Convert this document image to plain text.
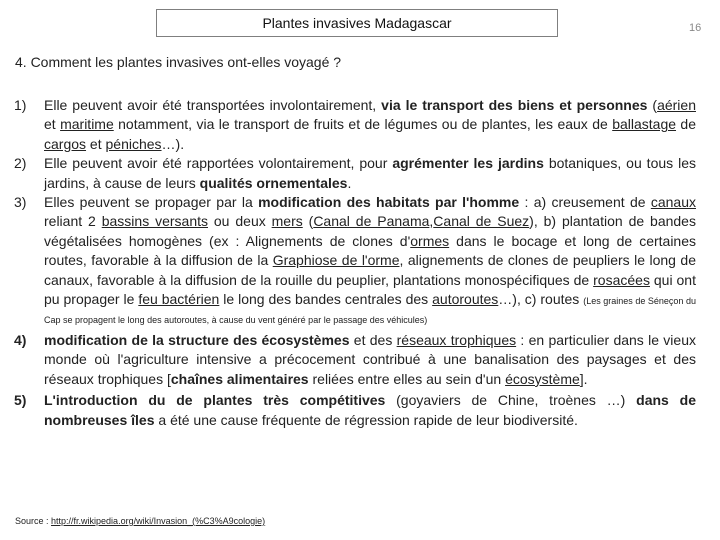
Plantes invasives Madagascar	16
4. Comment les plantes invasives ont-elles voyagé ?
1)	Elle peuvent avoir été transportées involontairement, via le transport des biens et personnes (aérien et maritime notamment, via le transport de fruits et de légumes ou de plantes, les eaux de ballastage de cargos et péniches…).
2)	Elle peuvent avoir été rapportées volontairement, pour agrémenter les jardins botaniques, ou tous les jardins, à cause de leurs qualités ornementales.
3)	Elles peuvent se propager par la modification des habitats par l'homme : a) creusement de canaux reliant 2 bassins versants ou deux mers (Canal de Panama,Canal de Suez), b) plantation de bandes végétalisées homogènes (ex : Alignements de clones d'ormes dans le bocage et long de certaines routes, favorable à la diffusion de la Graphiose de l'orme, alignements de clones de peupliers le long de canaux, favorable à la diffusion de la rouille du peuplier, plantations monospécifiques de rosacées qui ont pu propager le feu bactérien le long des bandes centrales des autoroutes…), c) routes (Les graines de Séneçon du Cap se propagent le long des autoroutes, à cause du vent généré par le passage des véhicules)
4)	modification de la structure des écosystèmes et des réseaux trophiques : en particulier dans le vieux monde où l'agriculture intensive a précocement contribué à une banalisation des paysages et des réseaux trophiques [chaînes alimentaires reliées entre elles au sein d'un écosystème].
5)	L'introduction du de plantes très compétitives (goyaviers de Chine, troènes …) dans de nombreuses îles a été une cause fréquente de régression rapide de leur biodiversité.
Source : http://fr.wikipedia.org/wiki/Invasion_(%C3%A9cologie)
